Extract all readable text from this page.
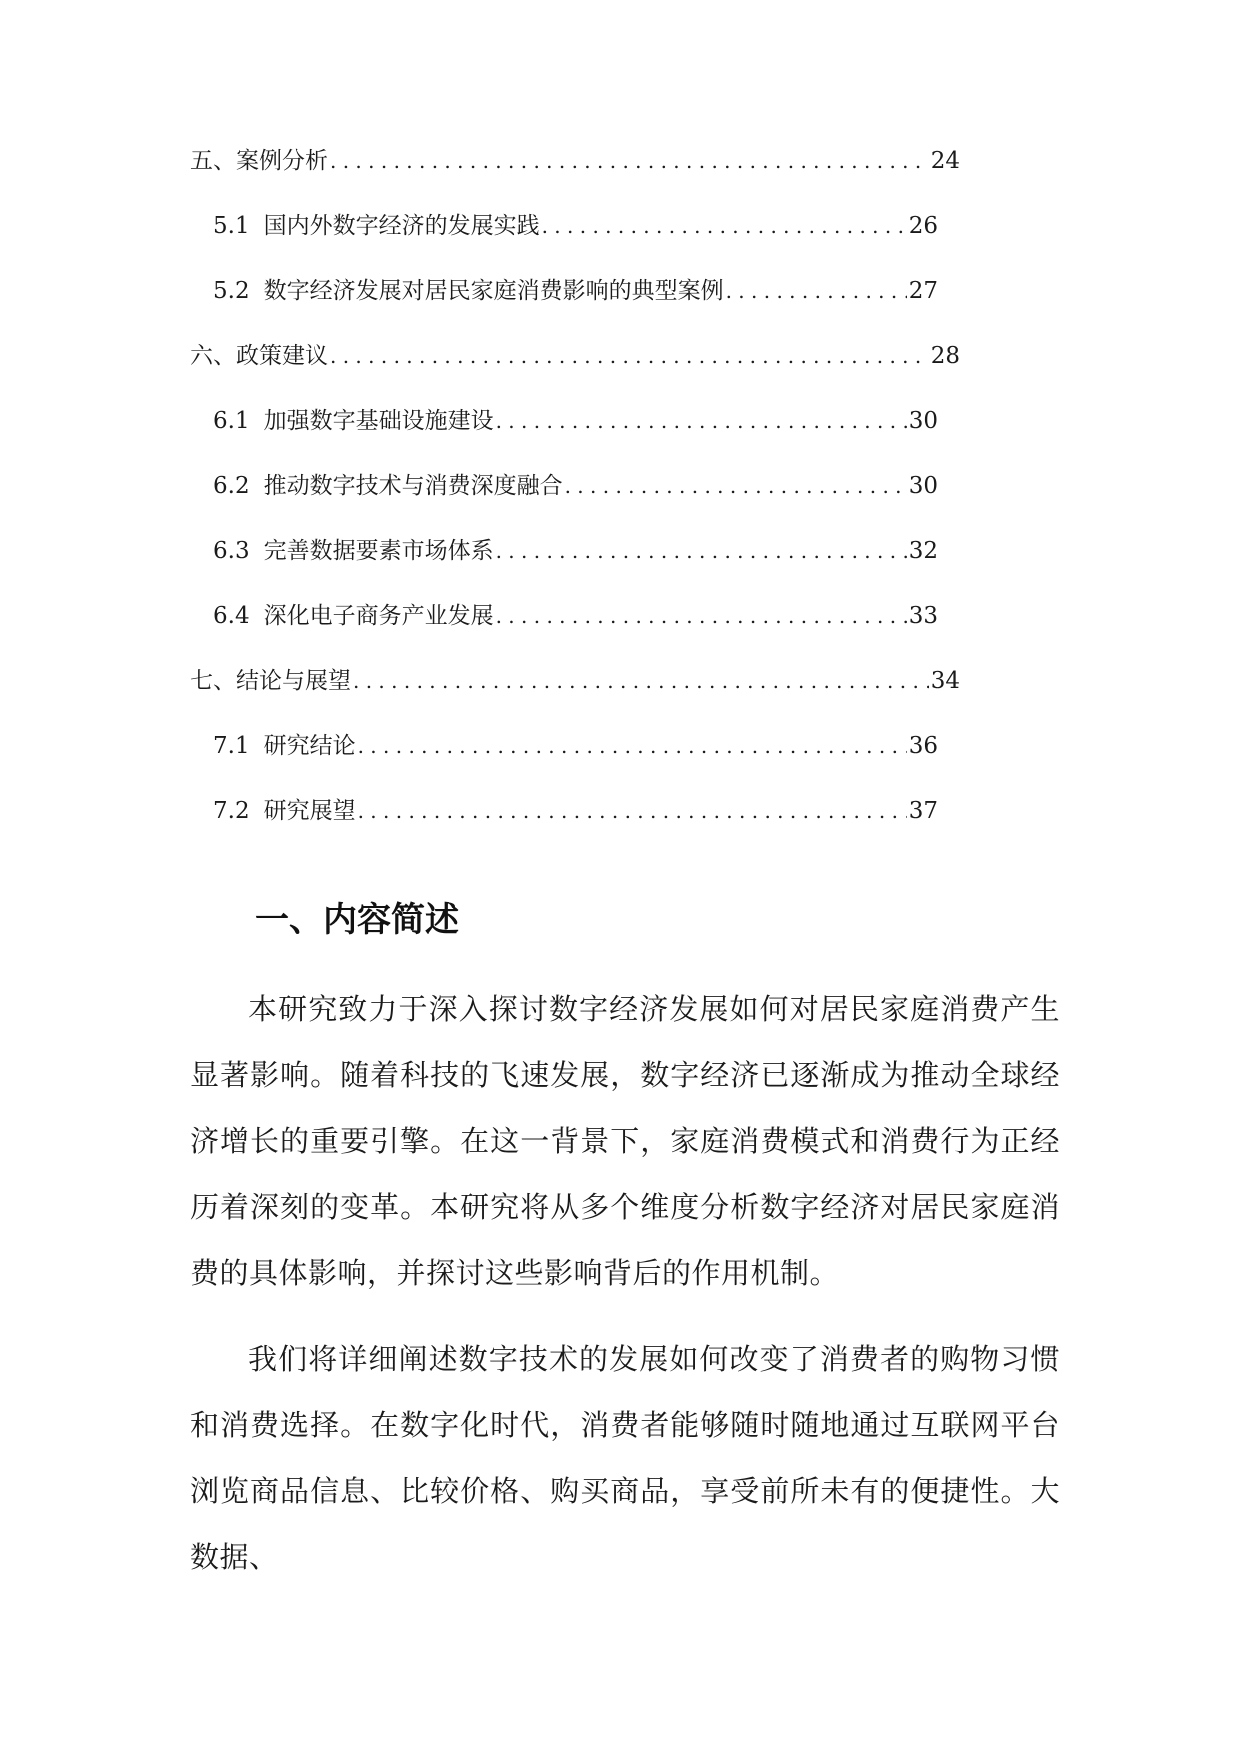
五、案例分析 . . .	24
5.1 国内外数字经济的发展实践 . . .	26
5.2 数字经济发展对居民家庭消费影响的典型案例 . . .	27
六、政策建议 . . .	28
6.1 加强数字基础设施建设 . . .	30
6.2 推动数字技术与消费深度融合 . . .	30
6.3 完善数据要素市场体系 . . .	32
6.4 深化电子商务产业发展 . . .	33
七、结论与展望 . . .	34
7.1 研究结论 . . .	36
7.2 研究展望 . . .	37
一、内容简述

本研究致力于深入探讨数字经济发展如何对居民家庭消费产生显著影响。随着科技的飞速发展，数字经济已逐渐成为推动全球经济增长的重要引擎。在这一背景下，家庭消费模式和消费行为正经历着深刻的变革。本研究将从多个维度分析数字经济对居民家庭消费的具体影响，并探讨这些影响背后的作用机制。

我们将详细阐述数字技术的发展如何改变了消费者的购物习惯和消费选择。在数字化时代，消费者能够随时随地通过互联网平台浏览商品信息、比较价格、购买商品，享受前所未有的便捷性。大数据、
